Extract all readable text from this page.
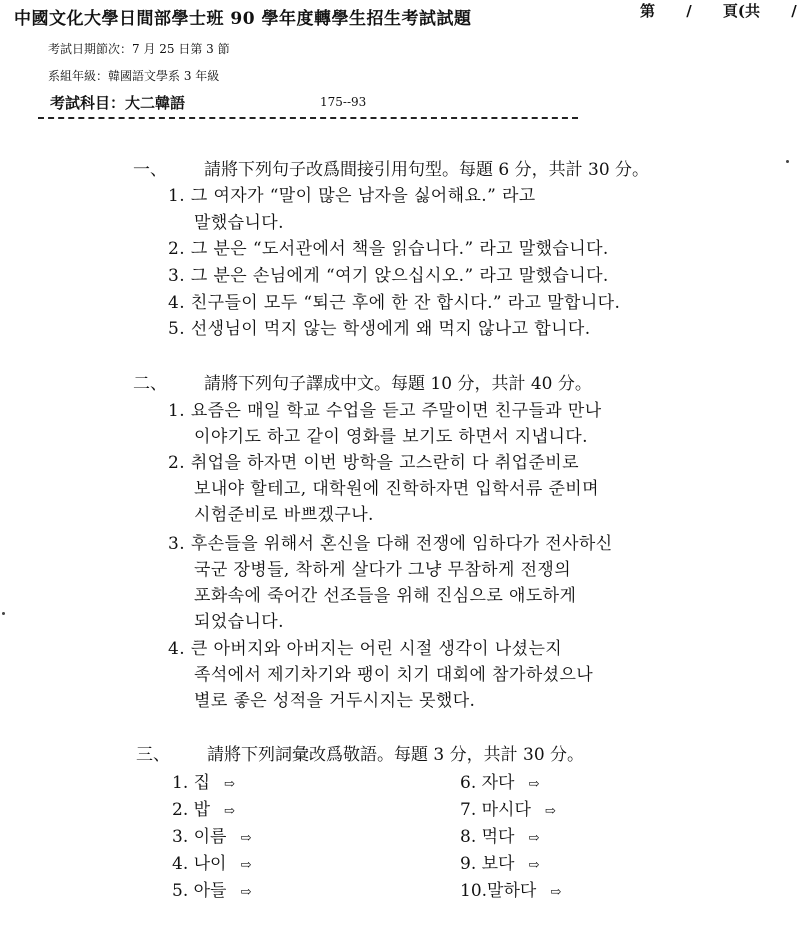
中國文化大學日間部學士班 90 學年度轉學生招生考試試題	第 / 頁(共 /
考試日期節次：7 月 25 日第 3 節
系組年級：韓國語文學系 3 年級
考試科目：大二韓語	175--93
一、 請將下列句子改爲間接引用句型。每題 6 分，共計 30 分。
1. 그 여자가 “말이 많은 남자을 싫어해요.” 라고
말했습니다.
2. 그 분은 “도서관에서 책을 읽습니다.” 라고 말했습니다.
3. 그 분은 손님에게 “여기 앉으십시오.” 라고 말했습니다.
4. 친구들이 모두 “퇴근 후에 한 잔 합시다.” 라고 말합니다.
5. 선생님이 먹지 않는 학생에게 왜 먹지 않나고 합니다.
二、 請將下列句子譯成中文。每題 10 分，共計 40 分。
1. 요즘은 매일 학교 수업을 듣고 주말이면 친구들과 만나
이야기도 하고 같이 영화를 보기도 하면서 지냅니다.
2. 취업을 하자면 이번 방학을 고스란히 다 취업준비로
보내야 할테고, 대학원에 진학하자면 입학서류 준비며
시험준비로 바쁘겠구나.
3. 후손들을 위해서 혼신을 다해 전쟁에 임하다가 전사하신
국군 장병들, 착하게 살다가 그냥 무참하게 전쟁의
포화속에 죽어간 선조들을 위해 진심으로 애도하게
되었습니다.
4. 큰 아버지와 아버지는 어린 시절 생각이 나셨는지
족석에서 제기차기와 팽이 치기 대회에 참가하셨으나
별로 좋은 성적을 거두시지는 못했다.
三、 請將下列詞彙改爲敬語。每題 3 分，共計 30 分。
1. 집 ⇨
2. 밥 ⇨
3. 이름 ⇨
4. 나이 ⇨
5. 아들 ⇨
6. 자다 ⇨
7. 마시다 ⇨
8. 먹다 ⇨
9. 보다 ⇨
10.말하다 ⇨
